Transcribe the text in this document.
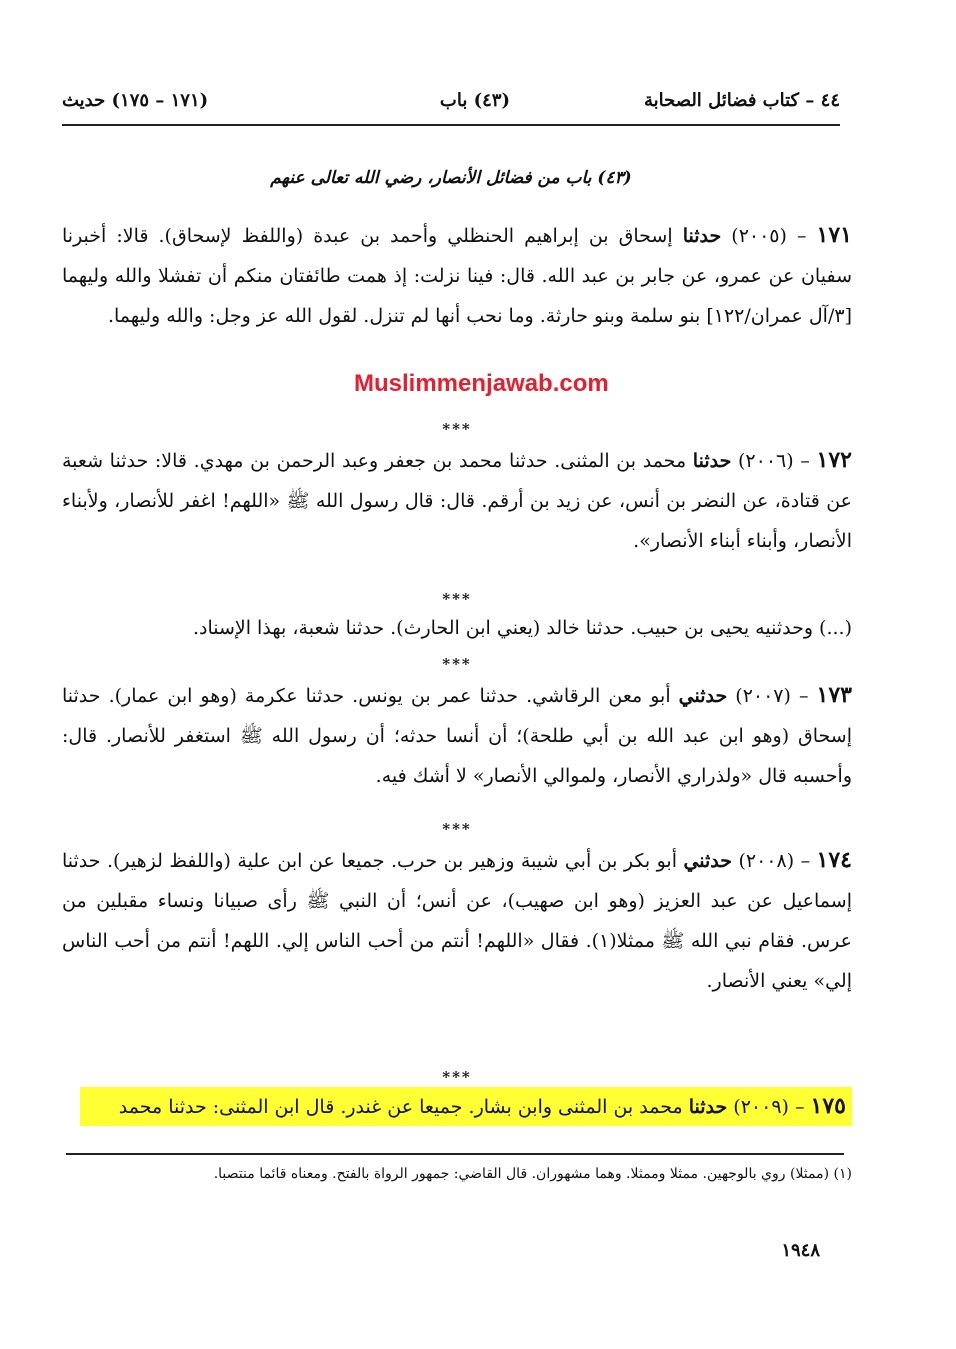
٤٤ – كتاب فضائل الصحابة
(٤٣) باب
(١٧١ – ١٧٥) حديث
(٤٣) باب من فضائل الأنصار، رضي الله تعالى عنهم
١٧١ – (٢٠٠٥) حدثنا إسحاق بن إبراهيم الحنظلي وأحمد بن عبدة (واللفظ لإسحاق). قالا: أخبرنا سفيان عن عمرو، عن جابر بن عبد الله. قال: فينا نزلت: إذ همت طائفتان منكم أن تفشلا والله وليهما [٣/آل عمران/١٢٢] بنو سلمة وبنو حارثة. وما نحب أنها لم تنزل. لقول الله عز وجل: والله وليهما.
***
١٧٢ – (٢٠٠٦) حدثنا محمد بن المثنى. حدثنا محمد بن جعفر وعبد الرحمن بن مهدي. قالا: حدثنا شعبة عن قتادة، عن النضر بن أنس، عن زيد بن أرقم. قال: قال رسول الله ﷺ «اللهم! اغفر للأنصار، ولأبناء الأنصار، وأبناء أبناء الأنصار».
***
(...) وحدثنيه يحيى بن حبيب. حدثنا خالد (يعني ابن الحارث). حدثنا شعبة، بهذا الإسناد.
***
١٧٣ – (٢٠٠٧) حدثني أبو معن الرقاشي. حدثنا عمر بن يونس. حدثنا عكرمة (وهو ابن عمار). حدثنا إسحاق (وهو ابن عبد الله بن أبي طلحة)؛ أن أنسا حدثه؛ أن رسول الله ﷺ استغفر للأنصار. قال: وأحسبه قال «ولذراري الأنصار، ولموالي الأنصار» لا أشك فيه.
***
١٧٤ – (٢٠٠٨) حدثني أبو بكر بن أبي شيبة وزهير بن حرب. جميعا عن ابن علية (واللفظ لزهير). حدثنا إسماعيل عن عبد العزيز (وهو ابن صهيب)، عن أنس؛ أن النبي ﷺ رأى صبيانا ونساء مقبلين من عرس. فقام نبي الله ﷺ ممثلا(١). فقال «اللهم! أنتم من أحب الناس إلي. اللهم! أنتم من أحب الناس إلي» يعني الأنصار.
***
١٧٥ – (٢٠٠٩) حدثنا محمد بن المثنى وابن بشار. جميعا عن غندر. قال ابن المثنى: حدثنا محمد
Muslimmenjawab.com
(١) (ممثلا) روي بالوجهين. ممثلا وممثلا. وهما مشهوران. قال القاضي: جمهور الرواة بالفتح. ومعناه قائما منتصبا.
١٩٤٨
